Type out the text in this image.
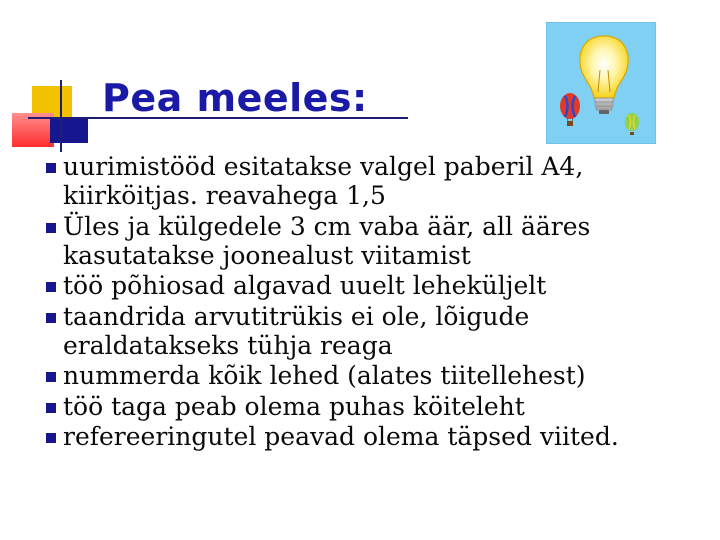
Pea meeles:
uurimistööd esitatakse valgel paberil A4, kiirköitjas. reavahega 1,5
Üles ja külgedele 3 cm vaba äär, all ääres kasutatakse joonealust viitamist
töö põhiosad algavad uuelt leheküljelt
taandrida arvutitrükis ei ole, lõigude eraldatakseks tühja reaga
nummerda kõik lehed (alates tiitellehest)
töö taga peab olema puhas köiteleht
refereeringutel peavad olema täpsed viited.
